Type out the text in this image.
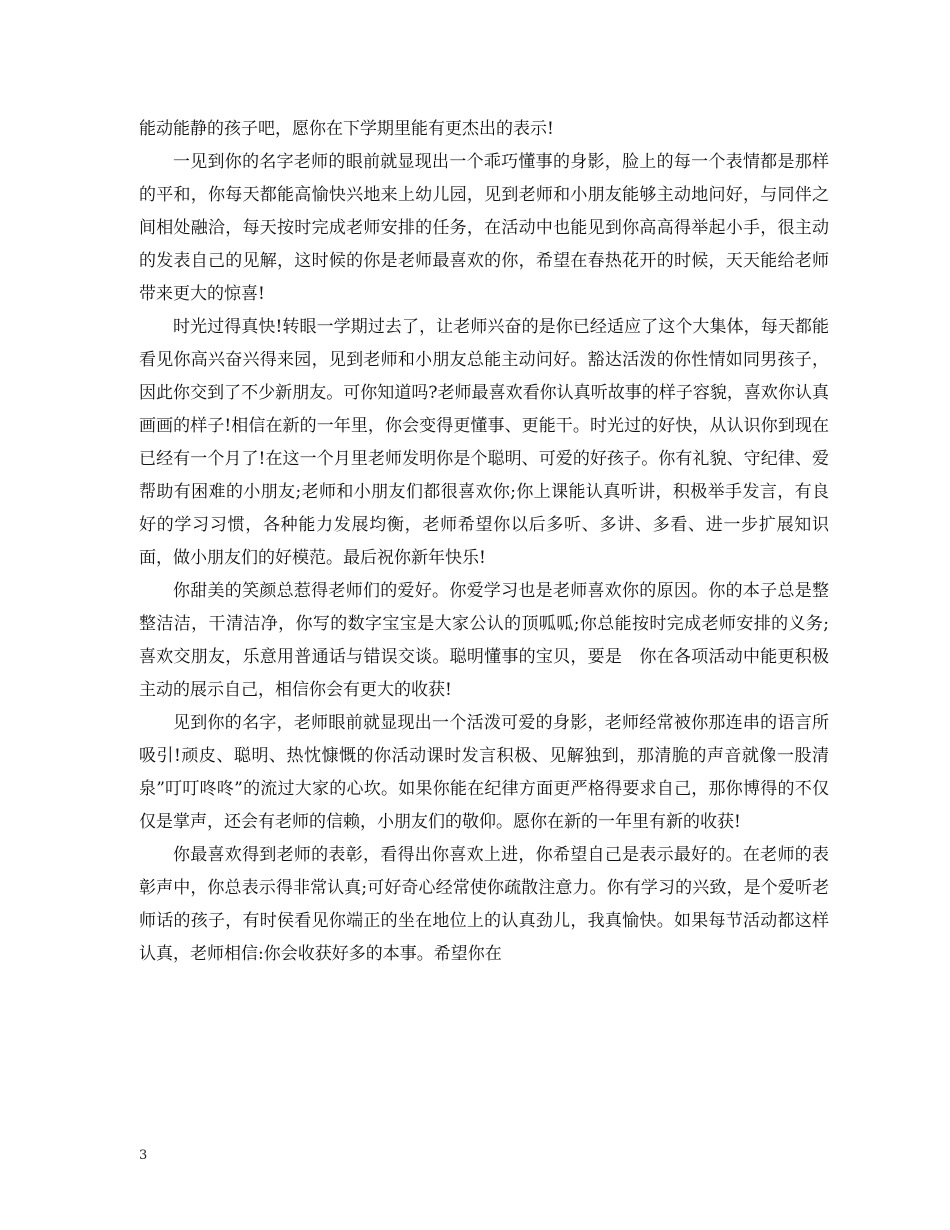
能动能静的孩子吧，愿你在下学期里能有更杰出的表示!

一见到你的名字老师的眼前就显现出一个乖巧懂事的身影，脸上的每一个表情都是那样的平和，你每天都能高愉快兴地来上幼儿园，见到老师和小朋友能够主动地问好，与同伴之间相处融洽，每天按时完成老师安排的任务，在活动中也能见到你高高得举起小手，很主动的发表自己的见解，这时候的你是老师最喜欢的你，希望在春热花开的时候，天天能给老师带来更大的惊喜!

时光过得真快!转眼一学期过去了，让老师兴奋的是你已经适应了这个大集体，每天都能看见你高兴奋兴得来园，见到老师和小朋友总能主动问好。豁达活泼的你性情如同男孩子，因此你交到了不少新朋友。可你知道吗?老师最喜欢看你认真听故事的样子容貌，喜欢你认真画画的样子!相信在新的一年里，你会变得更懂事、更能干。时光过的好快，从认识你到现在已经有一个月了!在这一个月里老师发明你是个聪明、可爱的好孩子。你有礼貌、守纪律、爱帮助有困难的小朋友;老师和小朋友们都很喜欢你;你上课能认真听讲，积极举手发言，有良好的学习习惯，各种能力发展均衡，老师希望你以后多听、多讲、多看、进一步扩展知识面，做小朋友们的好模范。最后祝你新年快乐!

你甜美的笑颜总惹得老师们的爱好。你爱学习也是老师喜欢你的原因。你的本子总是整整洁洁，干清洁净，你写的数字宝宝是大家公认的顶呱呱;你总能按时完成老师安排的义务;喜欢交朋友，乐意用普通话与错误交谈。聪明懂事的宝贝，要是　你在各项活动中能更积极主动的展示自己，相信你会有更大的收获!

见到你的名字，老师眼前就显现出一个活泼可爱的身影，老师经常被你那连串的语言所吸引!顽皮、聪明、热忱慷慨的你活动课时发言积极、见解独到，那清脆的声音就像一股清泉”叮叮咚咚”的流过大家的心坎。如果你能在纪律方面更严格得要求自己，那你博得的不仅仅是掌声，还会有老师的信赖，小朋友们的敬仰。愿你在新的一年里有新的收获!

你最喜欢得到老师的表彰，看得出你喜欢上进，你希望自己是表示最好的。在老师的表彰声中，你总表示得非常认真;可好奇心经常使你疏散注意力。你有学习的兴致，是个爱听老师话的孩子，有时侯看见你端正的坐在地位上的认真劲儿，我真愉快。如果每节活动都这样认真，老师相信:你会收获好多的本事。希望你在

3
